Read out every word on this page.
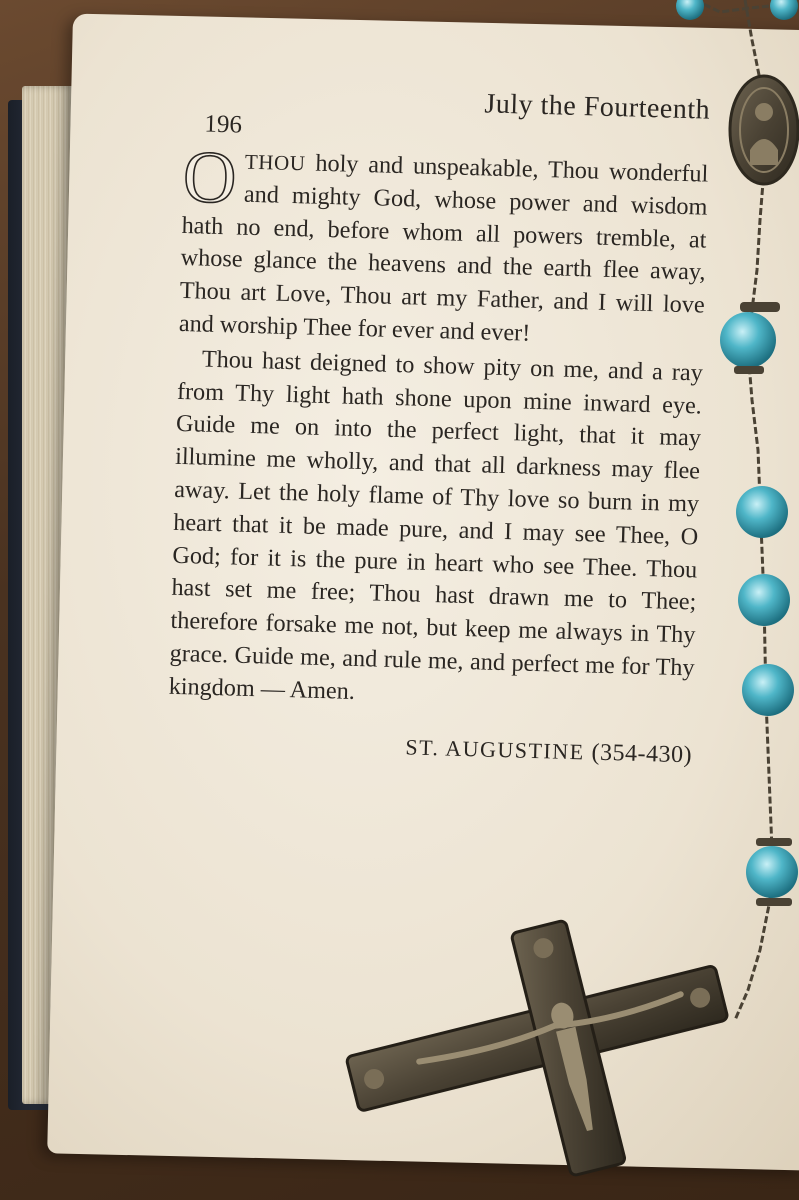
196	July the Fourteenth

OTHOU holy and unspeakable, Thou wonderful and mighty God, whose power and wisdom hath no end, before whom all powers tremble, at whose glance the heavens and the earth flee away, Thou art Love, Thou art my Father, and I will love and worship Thee for ever and ever!

Thou hast deigned to show pity on me, and a ray from Thy light hath shone upon mine inward eye. Guide me on into the perfect light, that it may illumine me wholly, and that all darkness may flee away. Let the holy flame of Thy love so burn in my heart that it be made pure, and I may see Thee, O God; for it is the pure in heart who see Thee. Thou hast set me free; Thou hast drawn me to Thee; therefore forsake me not, but keep me always in Thy grace. Guide me, and rule me, and perfect me for Thy kingdom — Amen.

ST. AUGUSTINE (354-430)
